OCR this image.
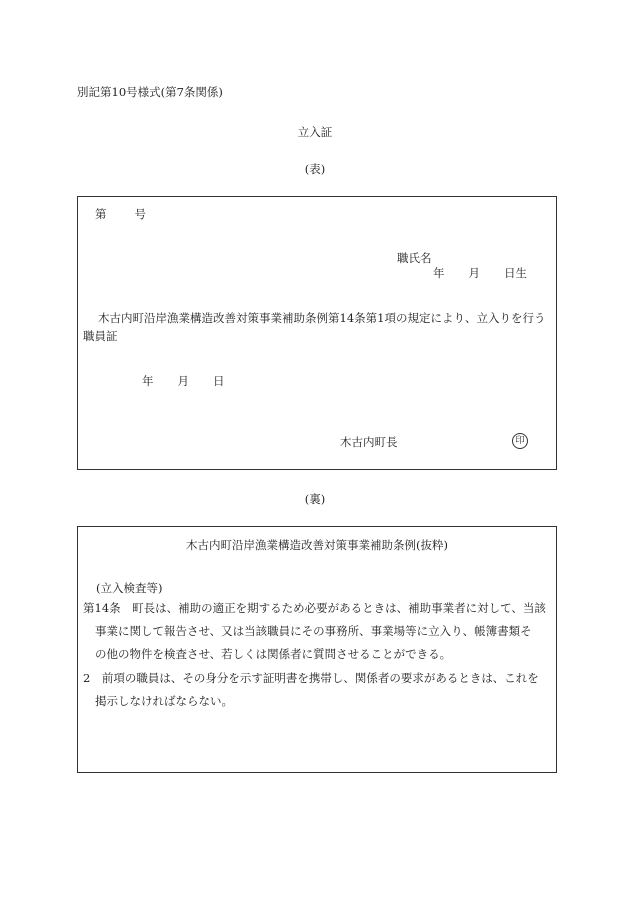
別記第10号様式(第7条関係)
立入証
(表)
第 号
職氏名
年 月 日生
木古内町沿岸漁業構造改善対策事業補助条例第14条第1項の規定により、立入りを行う
職員証
年 月 日
木古内町長	印
(裏)
木古内町沿岸漁業構造改善対策事業補助条例(抜粋)
(立入検査等)
第14条　町長は、補助の適正を期するため必要があるときは、補助事業者に対して、当該
事業に関して報告させ、又は当該職員にその事務所、事業場等に立入り、帳簿書類そ
の他の物件を検査させ、若しくは関係者に質問させることができる。
2　前項の職員は、その身分を示す証明書を携帯し、関係者の要求があるときは、これを
掲示しなければならない。
